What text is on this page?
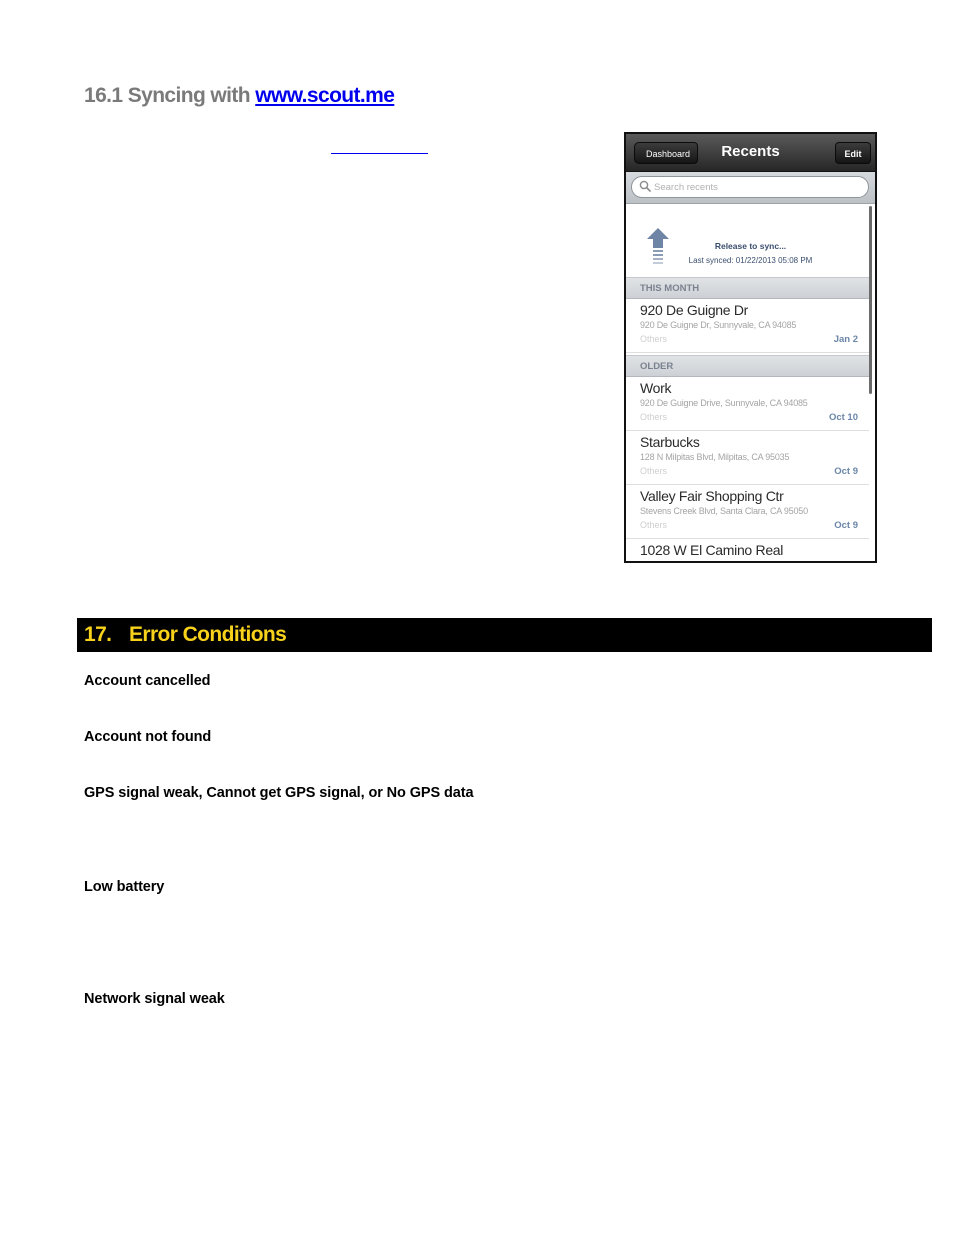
16.1 Syncing with www.scout.me
Dashboard	Recents	Edit
Search recents
Release to sync...
Last synced: 01/22/2013 05:08 PM
THIS MONTH
920 De Guigne Dr
920 De Guigne Dr, Sunnyvale, CA 94085
Others	Jan 2
OLDER
Work
920 De Guigne Drive, Sunnyvale, CA 94085
Others	Oct 10
Starbucks
128 N Milpitas Blvd, Milpitas, CA 95035
Others	Oct 9
Valley Fair Shopping Ctr
Stevens Creek Blvd, Santa Clara, CA 95050
Others	Oct 9
1028 W El Camino Real
17. Error Conditions
Account cancelled
Account not found
GPS signal weak, Cannot get GPS signal, or No GPS data
Low battery
Network signal weak
